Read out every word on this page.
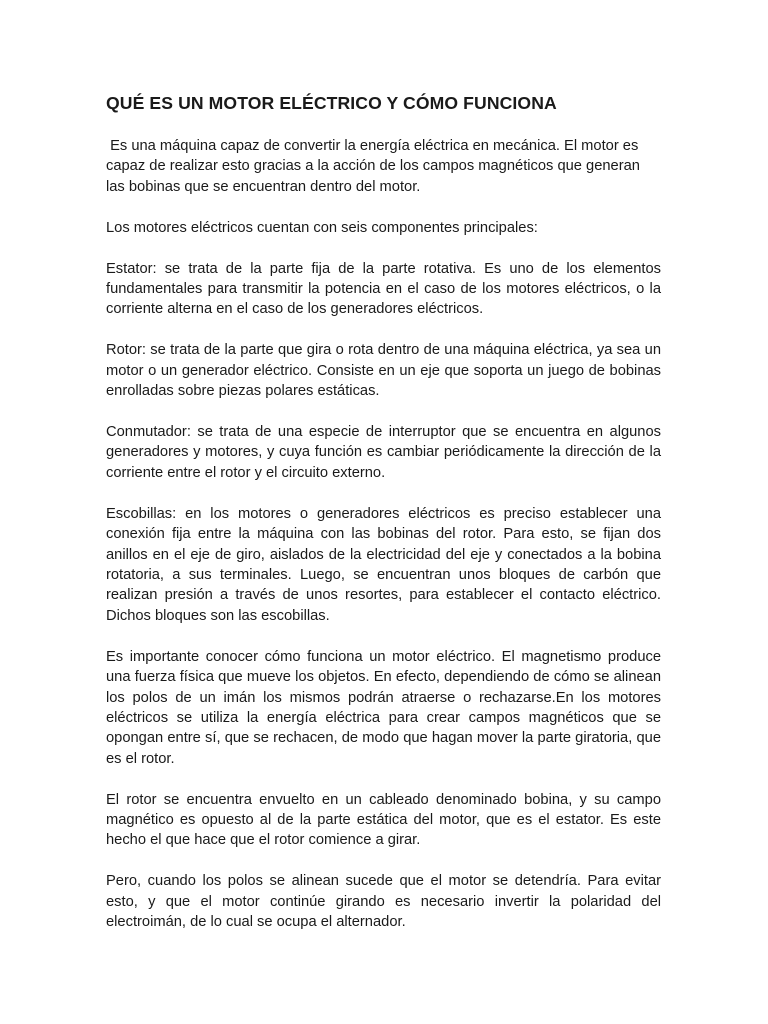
QUÉ ES UN MOTOR ELÉCTRICO Y CÓMO FUNCIONA

Es una máquina capaz de convertir la energía eléctrica en mecánica. El motor es capaz de realizar esto gracias a la acción de los campos magnéticos que generan las bobinas que se encuentran dentro del motor.

Los motores eléctricos cuentan con seis componentes principales:

Estator: se trata de la parte fija de la parte rotativa. Es uno de los elementos fundamentales para transmitir la potencia en el caso de los motores eléctricos, o la corriente alterna en el caso de los generadores eléctricos.

Rotor: se trata de la parte que gira o rota dentro de una máquina eléctrica, ya sea un motor o un generador eléctrico. Consiste en un eje que soporta un juego de bobinas enrolladas sobre piezas polares estáticas.

Conmutador: se trata de una especie de interruptor que se encuentra en algunos generadores y motores, y cuya función es cambiar periódicamente la dirección de la corriente entre el rotor y el circuito externo.

Escobillas: en los motores o generadores eléctricos es preciso establecer una conexión fija entre la máquina con las bobinas del rotor. Para esto, se fijan dos anillos en el eje de giro, aislados de la electricidad del eje y conectados a la bobina rotatoria, a sus terminales. Luego, se encuentran unos bloques de carbón que realizan presión a través de unos resortes, para establecer el contacto eléctrico. Dichos bloques son las escobillas.

Es importante conocer cómo funciona un motor eléctrico. El magnetismo produce una fuerza física que mueve los objetos. En efecto, dependiendo de cómo se alinean los polos de un imán los mismos podrán atraerse o rechazarse.En los motores eléctricos se utiliza la energía eléctrica para crear campos magnéticos que se opongan entre sí, que se rechacen, de modo que hagan mover la parte giratoria, que es el rotor.

El rotor se encuentra envuelto en un cableado denominado bobina, y su campo magnético es opuesto al de la parte estática del motor, que es el estator. Es este hecho el que hace que el rotor comience a girar.

Pero, cuando los polos se alinean sucede que el motor se detendría. Para evitar esto, y que el motor continúe girando es necesario invertir la polaridad del electroimán, de lo cual se ocupa el alternador.
